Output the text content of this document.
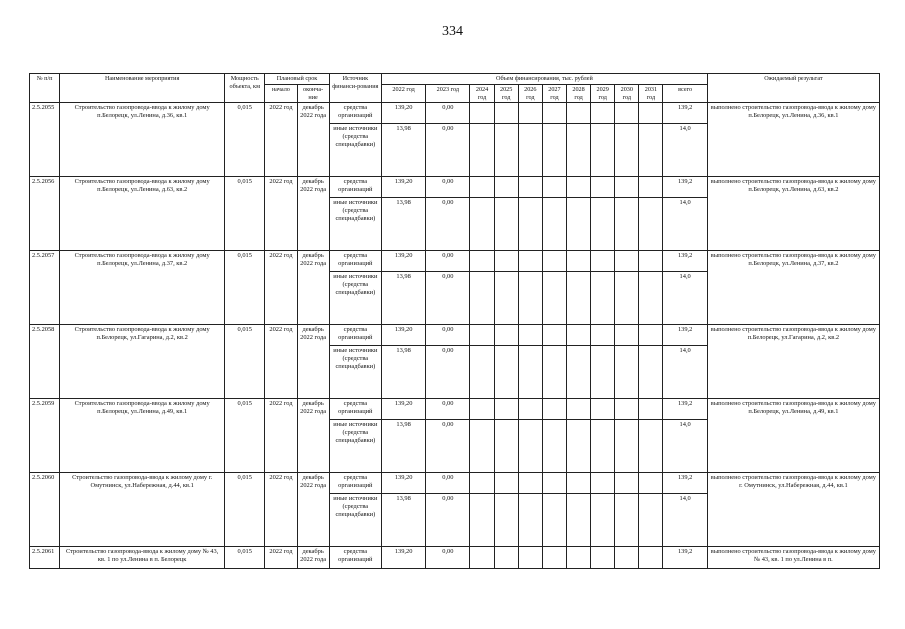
334
№ п/п	Наименование мероприятия	Мощность объекта, км	Плановый срок		Источник финанси-рования	Объем финансирования, тыс. рублей											Ожидаемый результат
			начало	оконча-ние		2022 год	2023 год	2024 год	2025 год	2026 год	2027 год	2028 год	2029 год	2030 год	2031 год	всего	
2.5.2055	Строительство газопровода-ввода к жилому дому п.Белорецк, ул.Ленина, д.36, кв.1	0,015	2022 год	декабрь 2022 года	средства организаций	139,20	0,00									139,2	выполнено строительство газопровода-ввода к жилому дому п.Белорецк, ул.Ленина, д.36, кв.1
					иные источники (средства спецнадбавки)	13,98	0,00									14,0	
2.5.2056	Строительство газопровода-ввода к жилому дому п.Белорецк, ул.Ленина, д.63, кв.2	0,015	2022 год	декабрь 2022 года	средства организаций	139,20	0,00									139,2	выполнено строительство газопровода-ввода к жилому дому п.Белорецк, ул.Ленина, д.63, кв.2
					иные источники (средства спецнадбавки)	13,98	0,00									14,0	
2.5.2057	Строительство газопровода-ввода к жилому дому п.Белорецк, ул.Ленина, д.37, кв.2	0,015	2022 год	декабрь 2022 года	средства организаций	139,20	0,00									139,2	выполнено строительство газопровода-ввода к жилому дому п.Белорецк, ул.Ленина, д.37, кв.2
					иные источники (средства спецнадбавки)	13,98	0,00									14,0	
2.5.2058	Строительство газопровода-ввода к жилому дому п.Белорецк, ул.Гагарина, д.2, кв.2	0,015	2022 год	декабрь 2022 года	средства организаций	139,20	0,00									139,2	выполнено строительство газопровода-ввода к жилому дому п.Белорецк, ул.Гагарина, д.2, кв.2
					иные источники (средства спецнадбавки)	13,98	0,00									14,0	
2.5.2059	Строительство газопровода-ввода к жилому дому п.Белорецк, ул.Ленина, д.49, кв.1	0,015	2022 год	декабрь 2022 года	средства организаций	139,20	0,00									139,2	выполнено строительство газопровода-ввода к жилому дому п.Белорецк, ул.Ленина, д.49, кв.1
					иные источники (средства спецнадбавки)	13,98	0,00									14,0	
2.5.2060	Строительство газопровода-ввода к жилому дому г. Омутнинск, ул.Набережная, д.44, кв.1	0,015	2022 год	декабрь 2022 года	средства организаций	139,20	0,00									139,2	выполнено строительство газопровода-ввода к жилому дому г. Омутнинск, ул.Набережная, д.44, кв.1
					иные источники (средства спецнадбавки)	13,98	0,00									14,0	
2.5.2061	Строительство газопровода-ввода к жилому дому № 43, кв. 1 по ул.Ленина в п. Белорецк	0,015	2022 год	декабрь 2022 года	средства организаций	139,20	0,00									139,2	выполнено строительство газопровода-ввода к жилому дому № 43, кв. 1 по ул.Ленина в п.
